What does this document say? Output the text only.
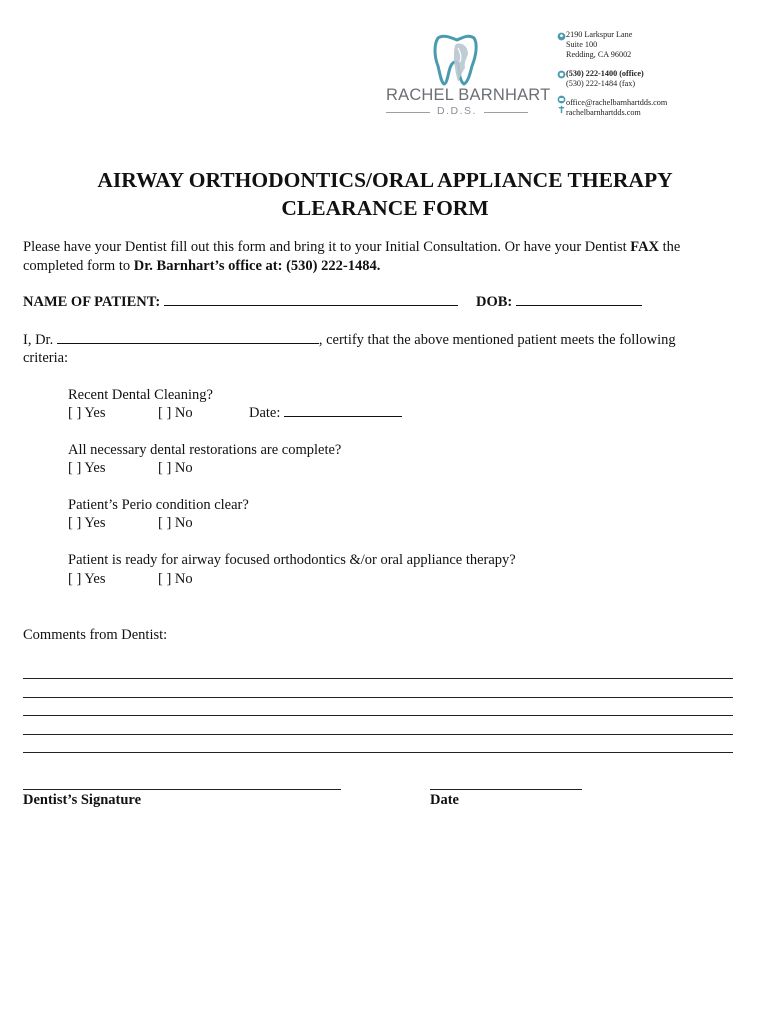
RACHEL BARNHART
D.D.S.
2190 Larkspur Lane
Suite 100
Redding, CA 96002
(530) 222-1400 (office)
(530) 222-1484 (fax)
office@rachelbarnhartdds.com
rachelbarnhartdds.com
AIRWAY ORTHODONTICS/ORAL APPLIANCE THERAPY
CLEARANCE FORM
Please have your Dentist fill out this form and bring it to your Initial Consultation. Or have your Dentist FAX the completed form to Dr. Barnhart’s office at: (530) 222-1484.
NAME OF PATIENT:	DOB:
I, Dr.	, certify that the above mentioned patient meets the following
criteria:
Recent Dental Cleaning?
[ ] Yes	[ ] No	Date:
All necessary dental restorations are complete?
[ ] Yes	[ ] No
Patient’s Perio condition clear?
[ ] Yes	[ ] No
Patient is ready for airway focused orthodontics &/or oral appliance therapy?
[ ] Yes	[ ] No
Comments from Dentist:
Dentist’s Signature	Date
